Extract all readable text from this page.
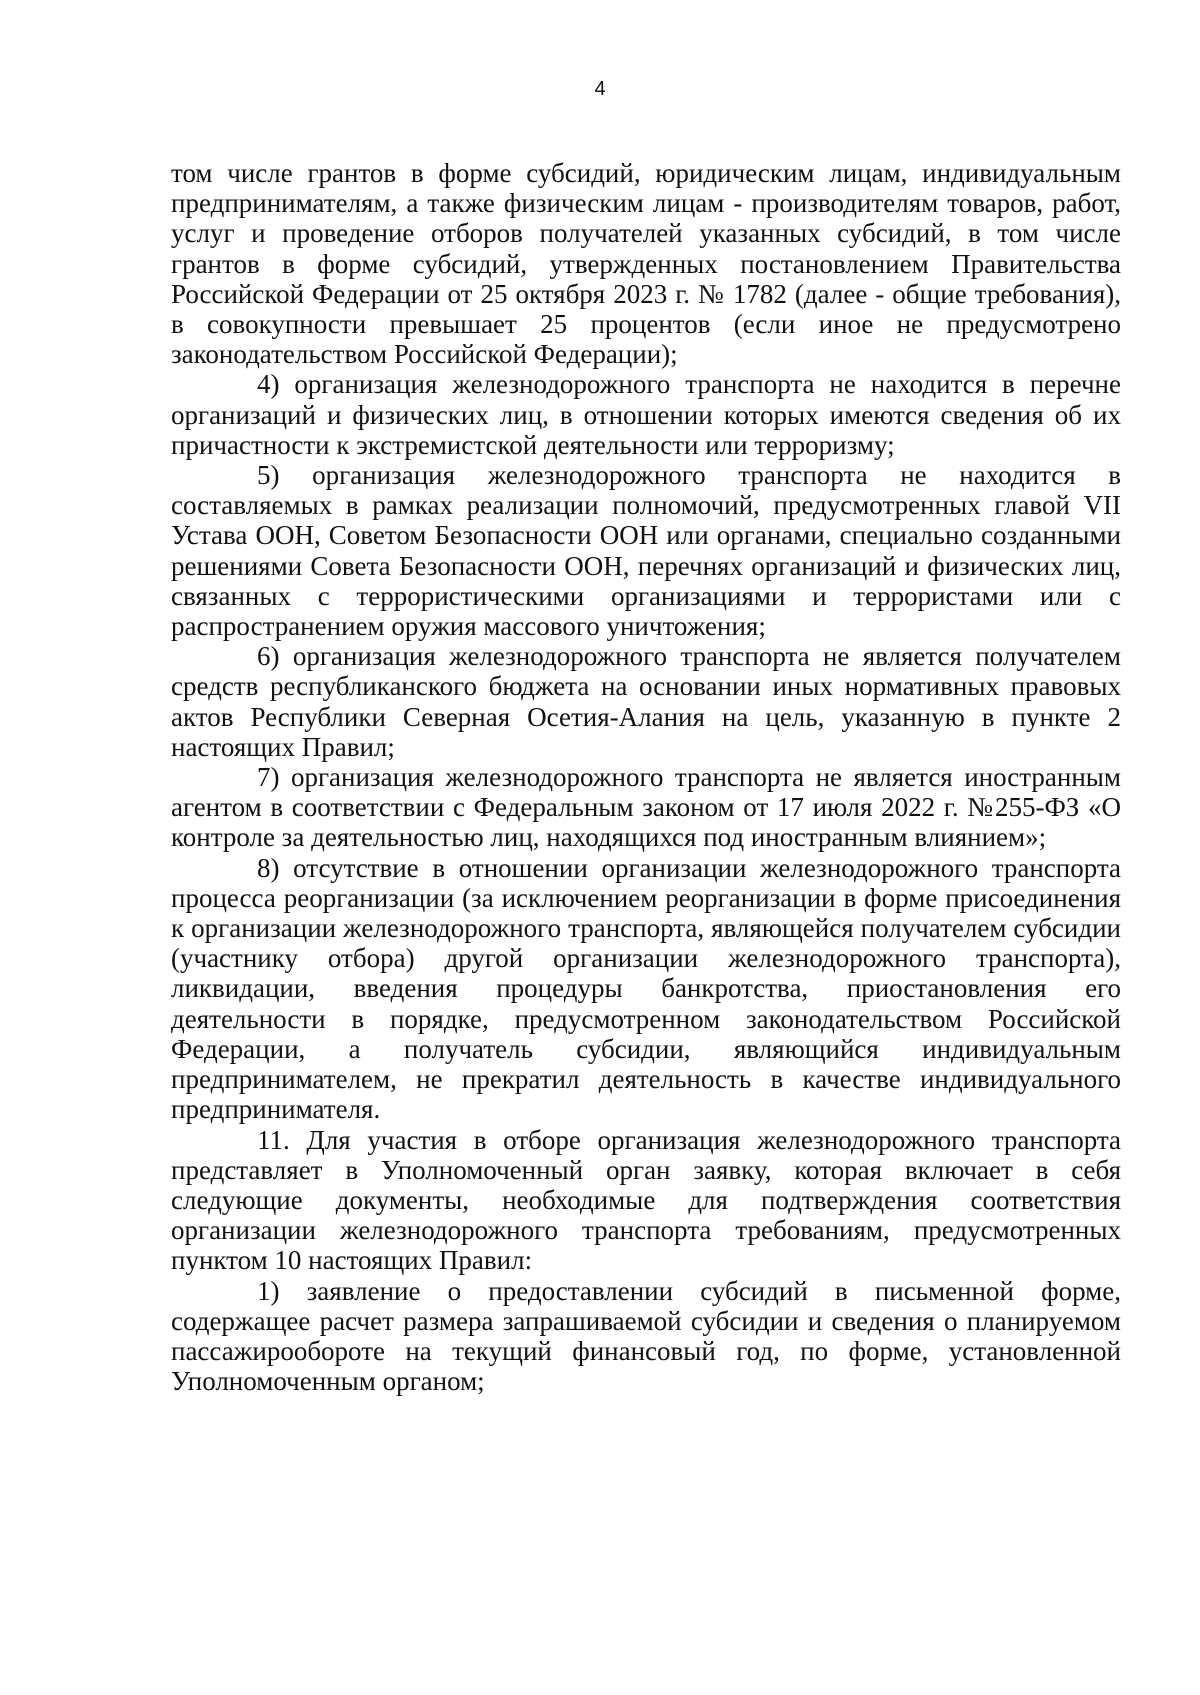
4

том числе грантов в форме субсидий, юридическим лицам, индивидуальным предпринимателям, а также физическим лицам - производителям товаров, работ, услуг и проведение отборов получателей указанных субсидий, в том числе грантов в форме субсидий, утвержденных постановлением Правительства Российской Федерации от 25 октября 2023 г. № 1782 (далее - общие требования), в совокупности превышает 25 процентов (если иное не предусмотрено законодательством Российской Федерации);

4) организация железнодорожного транспорта не находится в перечне организаций и физических лиц, в отношении которых имеются сведения об их причастности к экстремистской деятельности или терроризму;

5) организация железнодорожного транспорта не находится в составляемых в рамках реализации полномочий, предусмотренных главой VII Устава ООН, Советом Безопасности ООН или органами, специально созданными решениями Совета Безопасности ООН, перечнях организаций и физических лиц, связанных с террористическими организациями и террористами или с распространением оружия массового уничтожения;

6) организация железнодорожного транспорта не является получателем средств республиканского бюджета на основании иных нормативных правовых актов Республики Северная Осетия-Алания на цель, указанную в пункте 2 настоящих Правил;

7) организация железнодорожного транспорта не является иностранным агентом в соответствии с Федеральным законом от 17 июля 2022 г. №255-ФЗ «О контроле за деятельностью лиц, находящихся под иностранным влиянием»;

8) отсутствие в отношении организации железнодорожного транспорта процесса реорганизации (за исключением реорганизации в форме присоединения к организации железнодорожного транспорта, являющейся получателем субсидии (участнику отбора) другой организации железнодорожного транспорта), ликвидации, введения процедуры банкротства, приостановления его деятельности в порядке, предусмотренном законодательством Российской Федерации, а получатель субсидии, являющийся индивидуальным предпринимателем, не прекратил деятельность в качестве индивидуального предпринимателя.

11. Для участия в отборе организация железнодорожного транспорта представляет в Уполномоченный орган заявку, которая включает в себя следующие документы, необходимые для подтверждения соответствия организации железнодорожного транспорта требованиям, предусмотренных пунктом 10 настоящих Правил:

1) заявление о предоставлении субсидий в письменной форме, содержащее расчет размера запрашиваемой субсидии и сведения о планируемом пассажирообороте на текущий финансовый год, по форме, установленной Уполномоченным органом;
